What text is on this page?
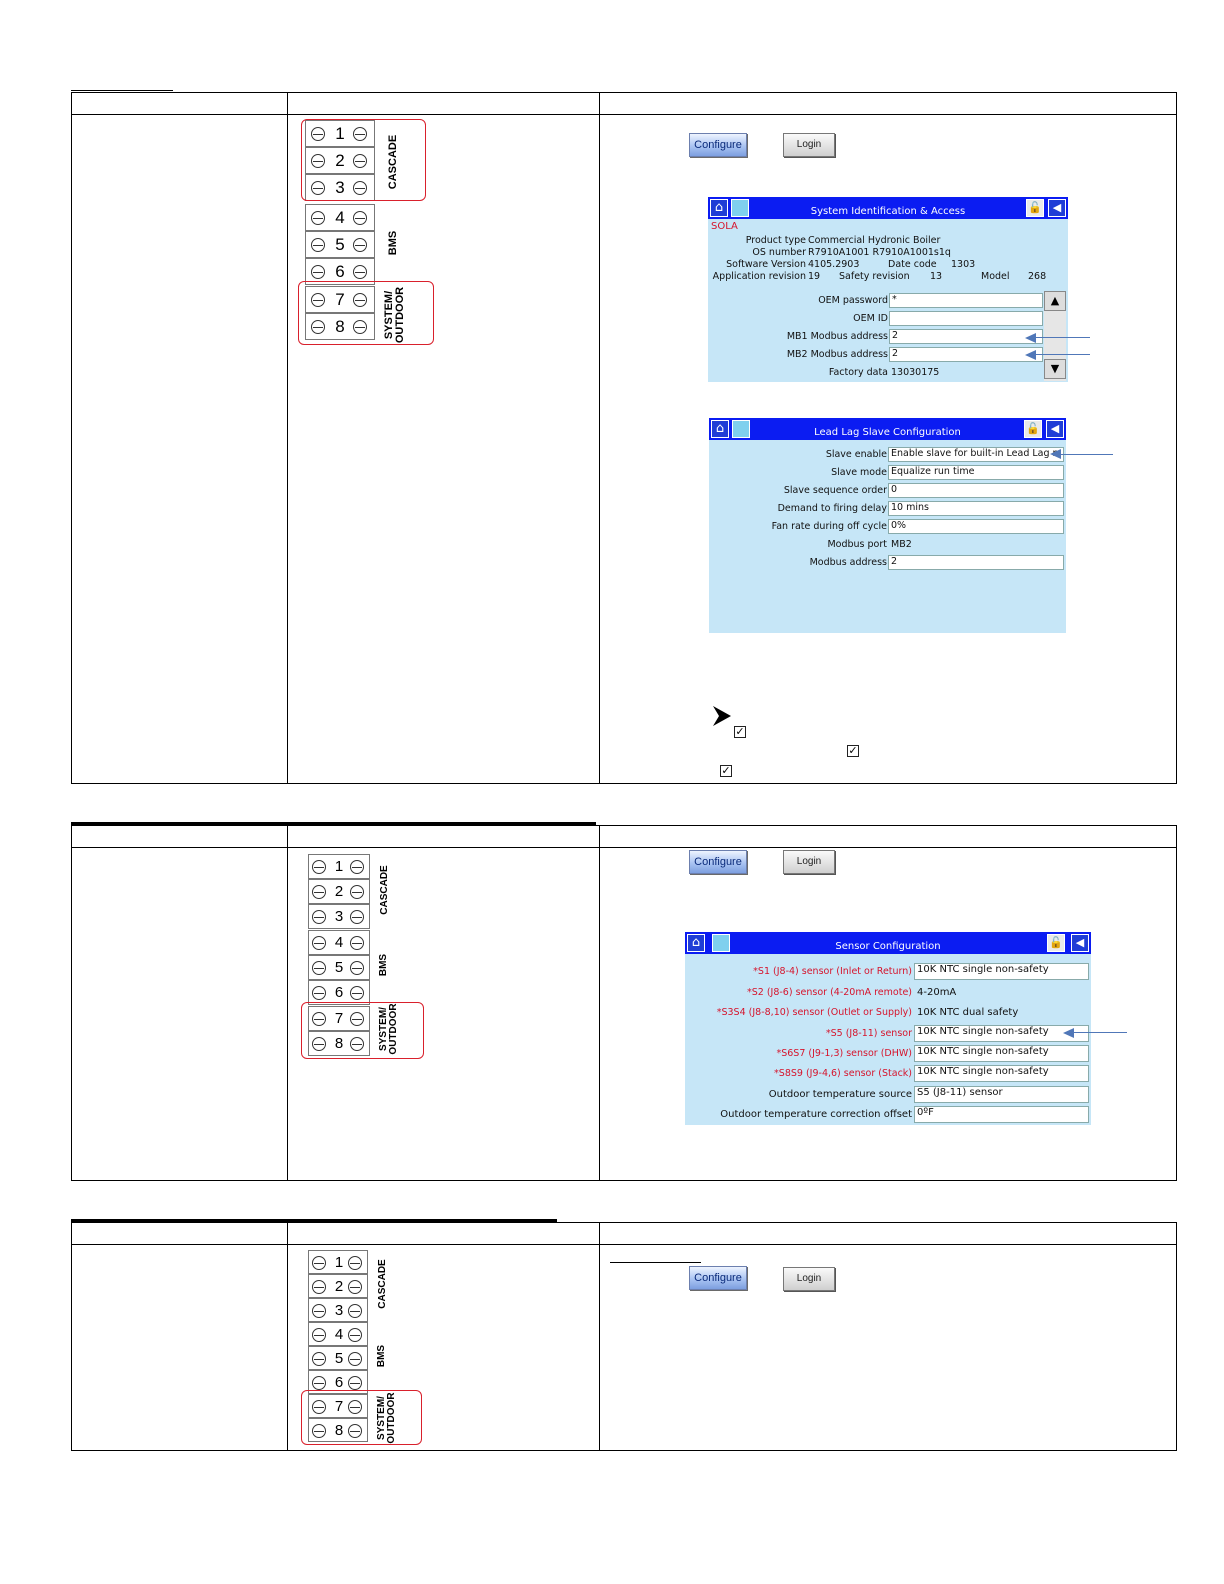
1
2
3
4
5
6
7
8
CASCADE
BMS
SYSTEM/ OUTDOOR
Configure	Login
⌂	System Identification & Access	🔓 ◀
SOLA
Product type Commercial Hydronic Boiler
OS number R7910A1001 R7910A1001s1q
Software Version 4105.2903	Date code 1303
Application revision 19 Safety revision 13	Model 268
OEM password *
OEM ID
MB1 Modbus address 2
MB2 Modbus address 2
Factory data 13030175
▲
▼
⌂	Lead Lag Slave Configuration	🔓 ◀
Slave enable Enable slave for built-in Lead Lag m
Slave mode Equalize run time
Slave sequence order 0
Demand to firing delay 10 mins
Fan rate during off cycle 0%
Modbus port MB2
Modbus address 2
✓
✓
✓
1
2
3
4
5
6
7
8
CASCADE
BMS
SYSTEM/ OUTDOOR
Configure	Login
⌂	Sensor Configuration	🔓	◀
*S1 (J8-4) sensor (Inlet or Return) 10K NTC single non-safety
*S2 (J8-6) sensor (4-20mA remote) 4-20mA
*S3S4 (J8-8,10) sensor (Outlet or Supply) 10K NTC dual safety
*S5 (J8-11) sensor 10K NTC single non-safety
*S6S7 (J9-1,3) sensor (DHW) 10K NTC single non-safety
*S8S9 (J9-4,6) sensor (Stack) 10K NTC single non-safety
Outdoor temperature source S5 (J8-11) sensor
Outdoor temperature correction offset 0ºF
1
2
3
4
5
6
7
8
CASCADE
BMS
SYSTEM/ OUTDOOR
Configure	Login
